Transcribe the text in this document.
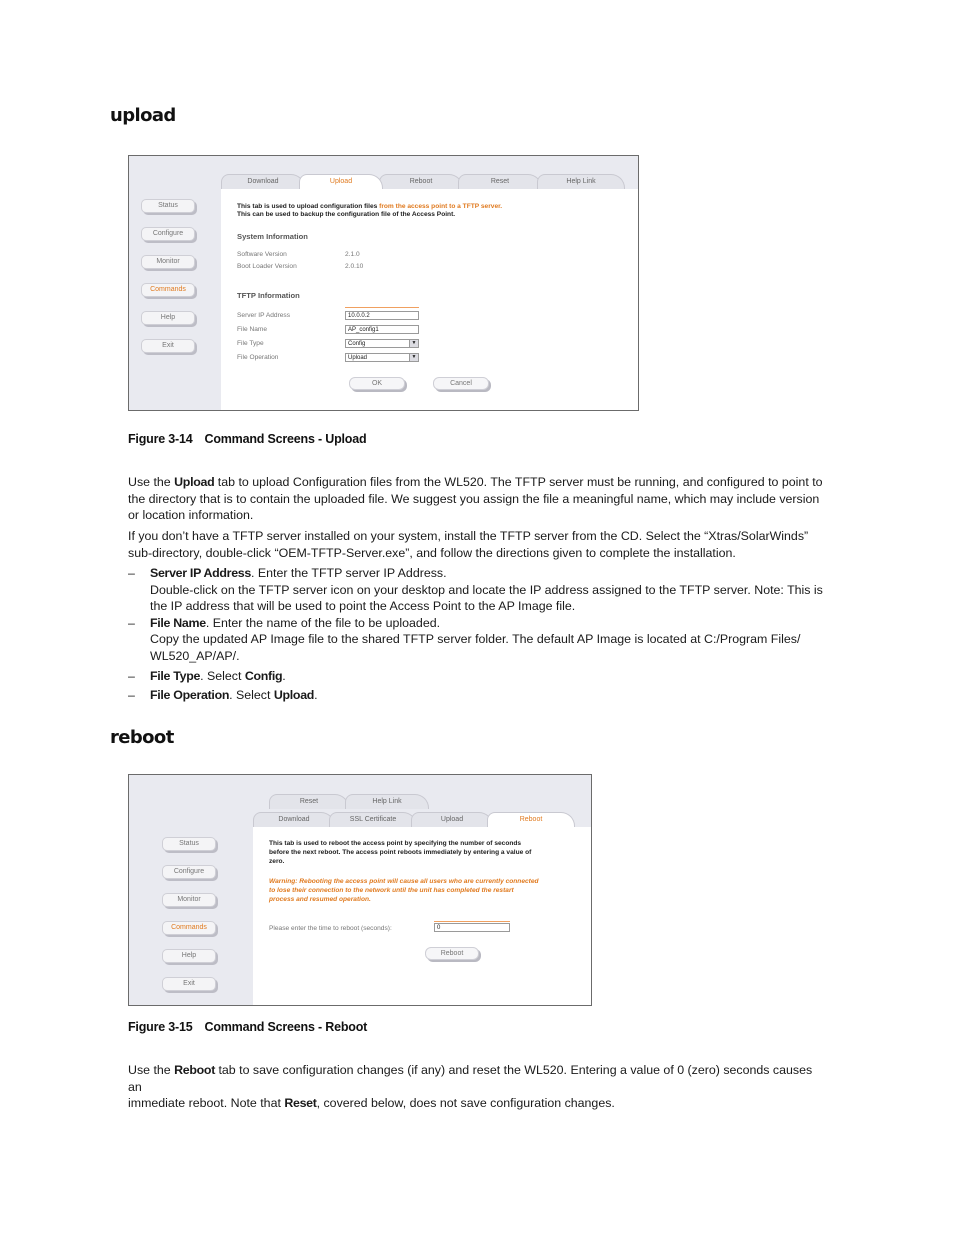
upload
Status
Configure
Monitor
Commands
Help
Exit
Download	Upload	Reboot	Reset	Help Link
This tab is used to upload configuration files from the access point to a TFTP server.
This can be used to backup the configuration file of the Access Point.
System Information
Software Version	2.1.0
Boot Loader Version	2.0.10
TFTP Information
Server IP Address	10.0.0.2
File Name	AP_config1
File Type	Config	▼
File Operation	Upload	▼
OK	Cancel
Figure 3-14 Command Screens - Upload
Use the Upload tab to upload Configuration files from the WL520. The TFTP server must be running, and configured to point to
the directory that is to contain the uploaded file. We suggest you assign the file a meaningful name, which may include version
or location information.
If you don’t have a TFTP server installed on your system, install the TFTP server from the CD. Select the “Xtras/SolarWinds”
sub-directory, double-click “OEM-TFTP-Server.exe”, and follow the directions given to complete the installation.
–	Server IP Address. Enter the TFTP server IP Address.
Double-click on the TFTP server icon on your desktop and locate the IP address assigned to the TFTP server. Note: This is
the IP address that will be used to point the Access Point to the AP Image file.
–	File Name. Enter the name of the file to be uploaded.
Copy the updated AP Image file to the shared TFTP server folder. The default AP Image is located at C:/Program Files/
WL520_AP/AP/.
–	File Type. Select Config.
–	File Operation. Select Upload.
reboot
Status
Configure
Monitor
Commands
Help
Exit
Reset	Help Link
Download	SSL Certificate	Upload	Reboot
This tab is used to reboot the access point by specifying the number of seconds
before the next reboot. The access point reboots immediately by entering a value of
zero.
Warning: Rebooting the access point will cause all users who are currently connected
to lose their connection to the network until the unit has completed the restart
process and resumed operation.
Please enter the time to reboot (seconds):	0
Reboot
Figure 3-15 Command Screens - Reboot
Use the Reboot tab to save configuration changes (if any) and reset the WL520. Entering a value of 0 (zero) seconds causes an
immediate reboot. Note that Reset, covered below, does not save configuration changes.
